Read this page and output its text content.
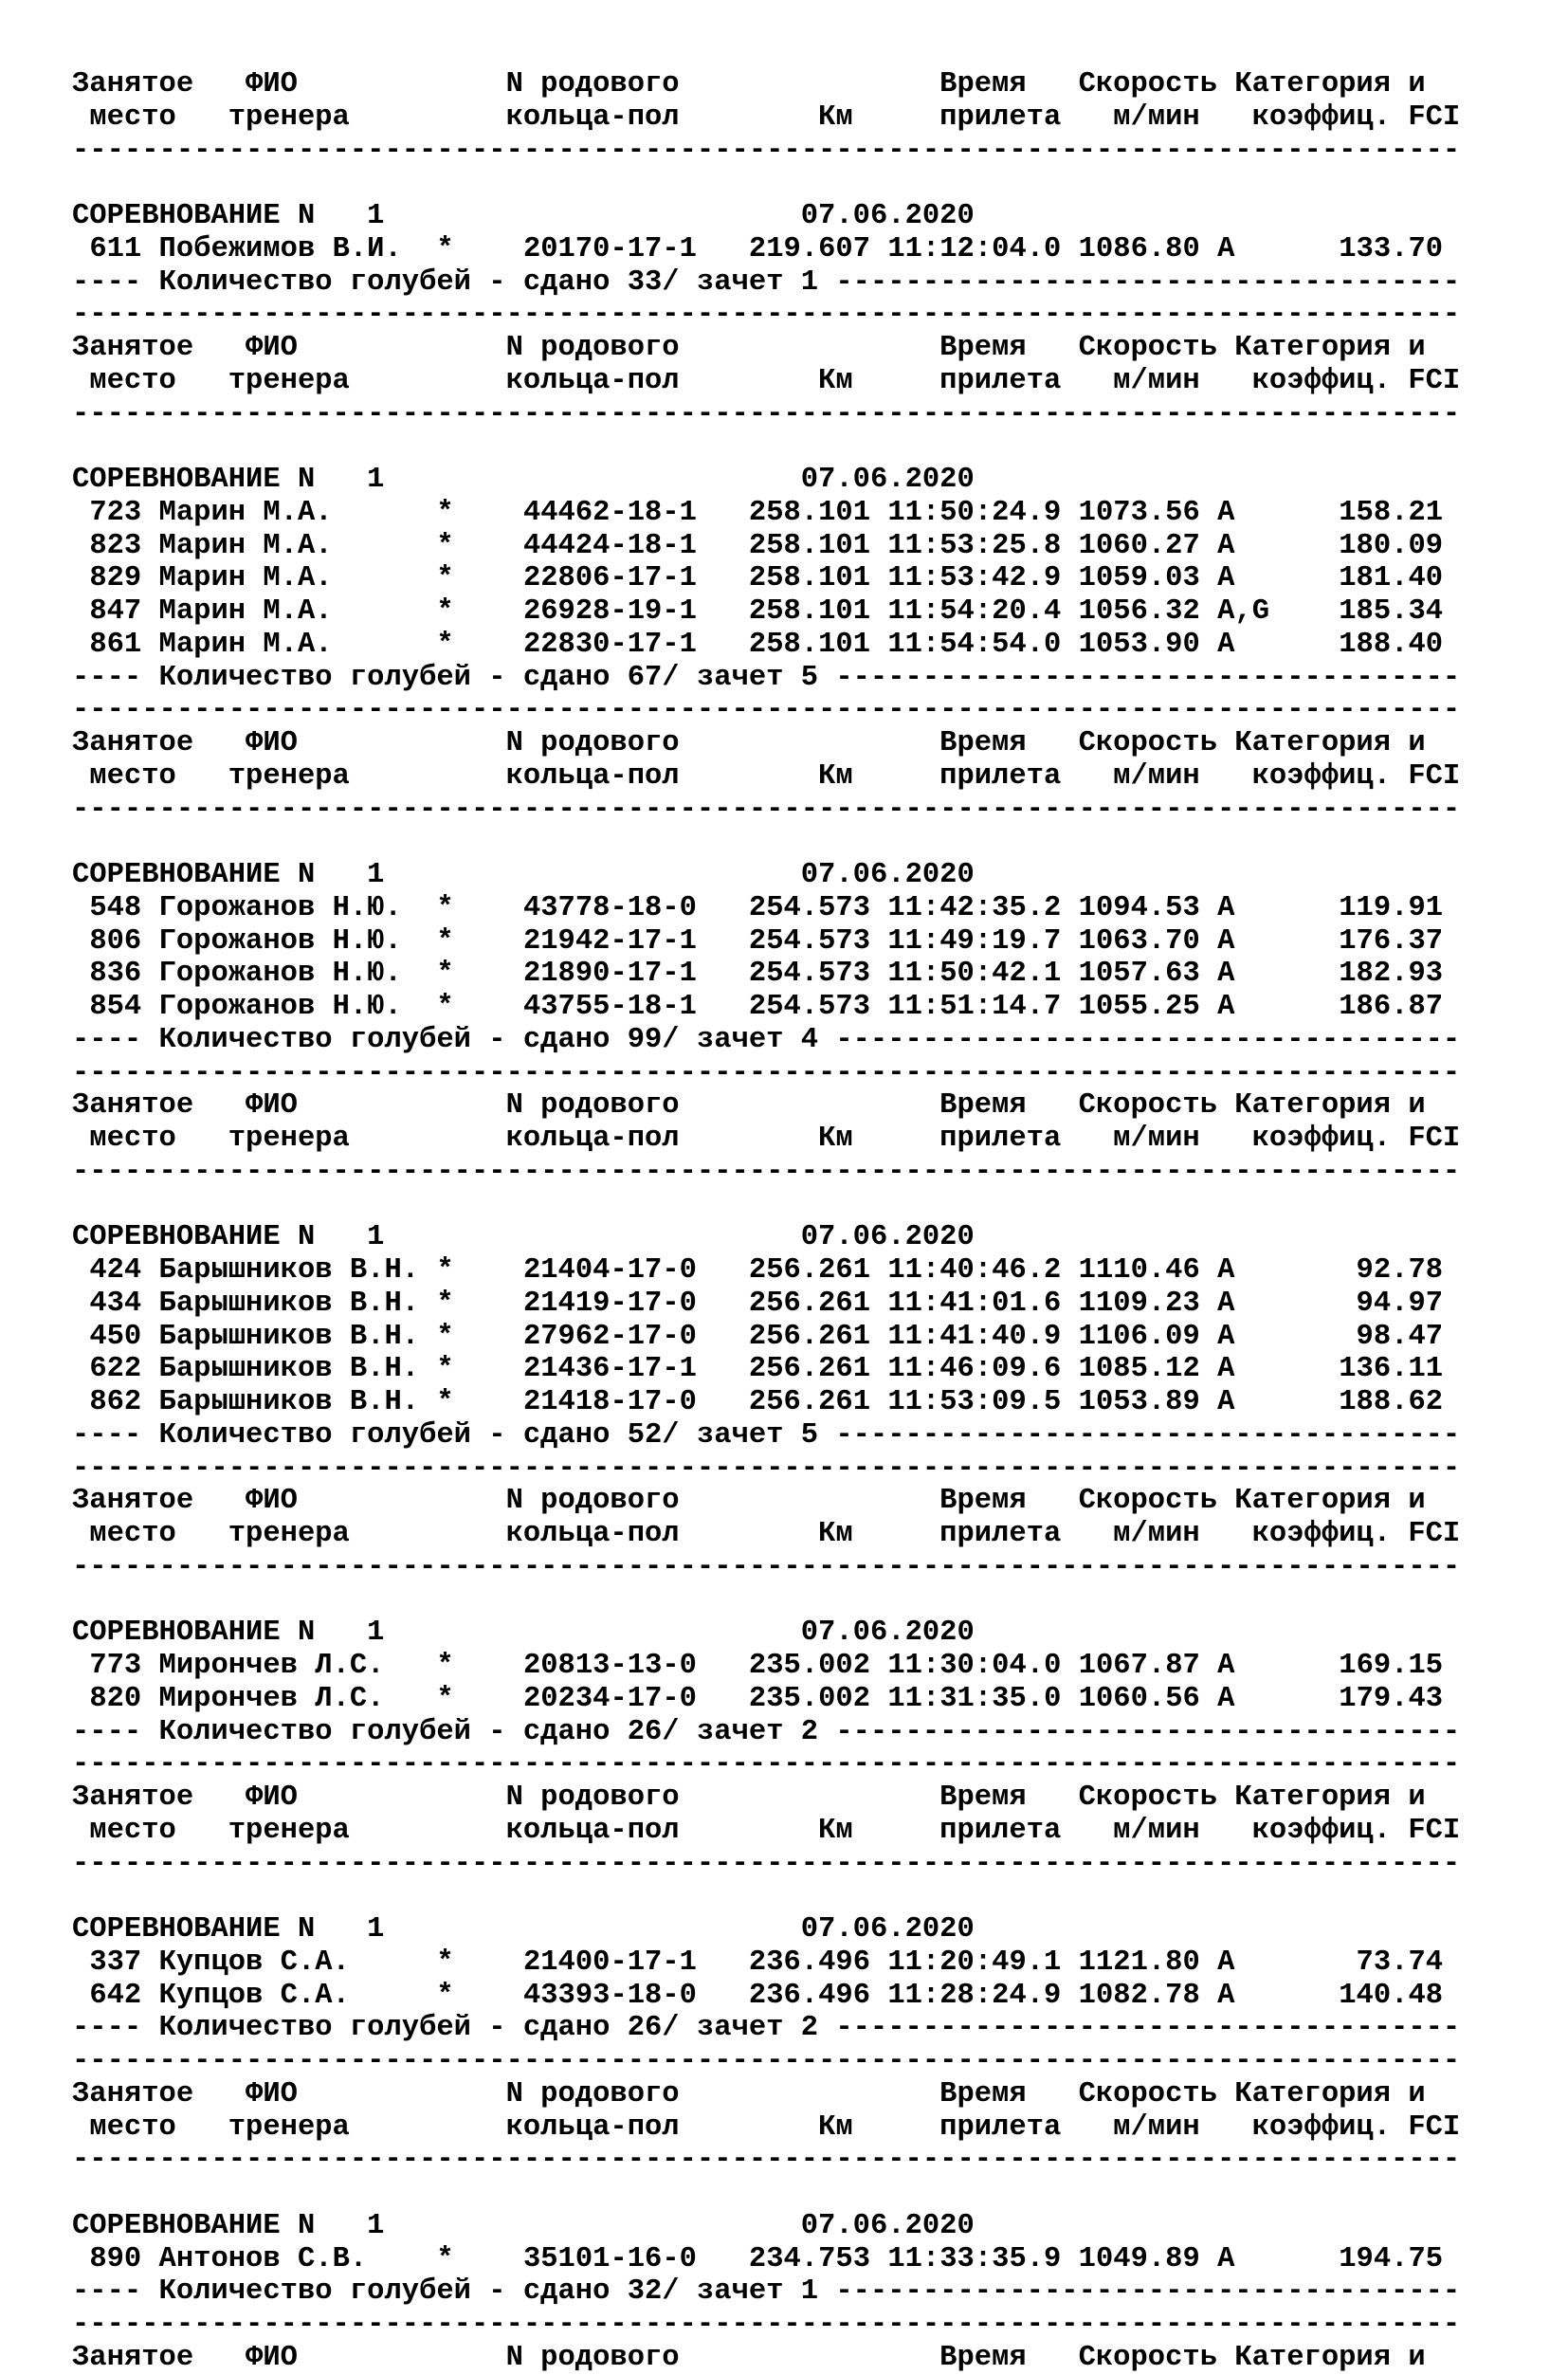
Занятое   ФИО            N родового               Время   Скорость Категория и
место   тренера         кольца-пол        Км     прилета   м/мин   коэффиц. FCI
--------------------------------------------------------------------------------
СОРЕВНОВАНИЕ N   1	07.06.2020
611 Побежимов В.И. * 20170-17-1 219.607 11:12:04.0 1086.80 A	133.70
---- Количество голубей - сдано 33/ зачет 1 ------------------------------------
--------------------------------------------------------------------------------
Занятое   ФИО            N родового               Время   Скорость Категория и
место   тренера         кольца-пол        Км     прилета   м/мин   коэффиц. FCI
--------------------------------------------------------------------------------
СОРЕВНОВАНИЕ N   1	07.06.2020
723 Марин М.А.	* 44462-18-1 258.101 11:50:24.9 1073.56 A	158.21
823 Марин М.А.	* 44424-18-1 258.101 11:53:25.8 1060.27 A	180.09
829 Марин М.А.	* 22806-17-1 258.101 11:53:42.9 1059.03 A	181.40
847 Марин М.А.	* 26928-19-1 258.101 11:54:20.4 1056.32 A,G 185.34
861 Марин М.А.	* 22830-17-1 258.101 11:54:54.0 1053.90 A	188.40
---- Количество голубей - сдано 67/ зачет 5 ------------------------------------
--------------------------------------------------------------------------------
Занятое   ФИО            N родового               Время   Скорость Категория и
место   тренера         кольца-пол        Км     прилета   м/мин   коэффиц. FCI
--------------------------------------------------------------------------------
СОРЕВНОВАНИЕ N   1	07.06.2020
548 Горожанов Н.Ю. * 43778-18-0 254.573 11:42:35.2 1094.53 A	119.91
806 Горожанов Н.Ю. * 21942-17-1 254.573 11:49:19.7 1063.70 A	176.37
836 Горожанов Н.Ю. * 21890-17-1 254.573 11:50:42.1 1057.63 A	182.93
854 Горожанов Н.Ю. * 43755-18-1 254.573 11:51:14.7 1055.25 A	186.87
---- Количество голубей - сдано 99/ зачет 4 ------------------------------------
--------------------------------------------------------------------------------
Занятое   ФИО            N родового               Время   Скорость Категория и
место   тренера         кольца-пол        Км     прилета   м/мин   коэффиц. FCI
--------------------------------------------------------------------------------
СОРЕВНОВАНИЕ N   1	07.06.2020
424 Барышников В.Н. * 21404-17-0 256.261 11:40:46.2 1110.46 A	92.78
434 Барышников В.Н. * 21419-17-0 256.261 11:41:01.6 1109.23 A	94.97
450 Барышников В.Н. * 27962-17-0 256.261 11:41:40.9 1106.09 A	98.47
622 Барышников В.Н. * 21436-17-1 256.261 11:46:09.6 1085.12 A	136.11
862 Барышников В.Н. * 21418-17-0 256.261 11:53:09.5 1053.89 A	188.62
---- Количество голубей - сдано 52/ зачет 5 ------------------------------------
--------------------------------------------------------------------------------
Занятое   ФИО            N родового               Время   Скорость Категория и
место   тренера         кольца-пол        Км     прилета   м/мин   коэффиц. FCI
--------------------------------------------------------------------------------
СОРЕВНОВАНИЕ N   1	07.06.2020
773 Мирончев Л.С. * 20813-13-0 235.002 11:30:04.0 1067.87 A	169.15
820 Мирончев Л.С. * 20234-17-0 235.002 11:31:35.0 1060.56 A	179.43
---- Количество голубей - сдано 26/ зачет 2 ------------------------------------
--------------------------------------------------------------------------------
Занятое   ФИО            N родового               Время   Скорость Категория и
место   тренера         кольца-пол        Км     прилета   м/мин   коэффиц. FCI
--------------------------------------------------------------------------------
СОРЕВНОВАНИЕ N   1	07.06.2020
337 Купцов С.А.	* 21400-17-1 236.496 11:20:49.1 1121.80 A	73.74
642 Купцов С.А.	* 43393-18-0 236.496 11:28:24.9 1082.78 A	140.48
---- Количество голубей - сдано 26/ зачет 2 ------------------------------------
--------------------------------------------------------------------------------
Занятое   ФИО            N родового               Время   Скорость Категория и
место   тренера         кольца-пол        Км     прилета   м/мин   коэффиц. FCI
--------------------------------------------------------------------------------
СОРЕВНОВАНИЕ N   1	07.06.2020
890 Антонов С.В. * 35101-16-0 234.753 11:33:35.9 1049.89 A	194.75
---- Количество голубей - сдано 32/ зачет 1 ------------------------------------
--------------------------------------------------------------------------------
Занятое   ФИО            N родового               Время   Скорость Категория и
